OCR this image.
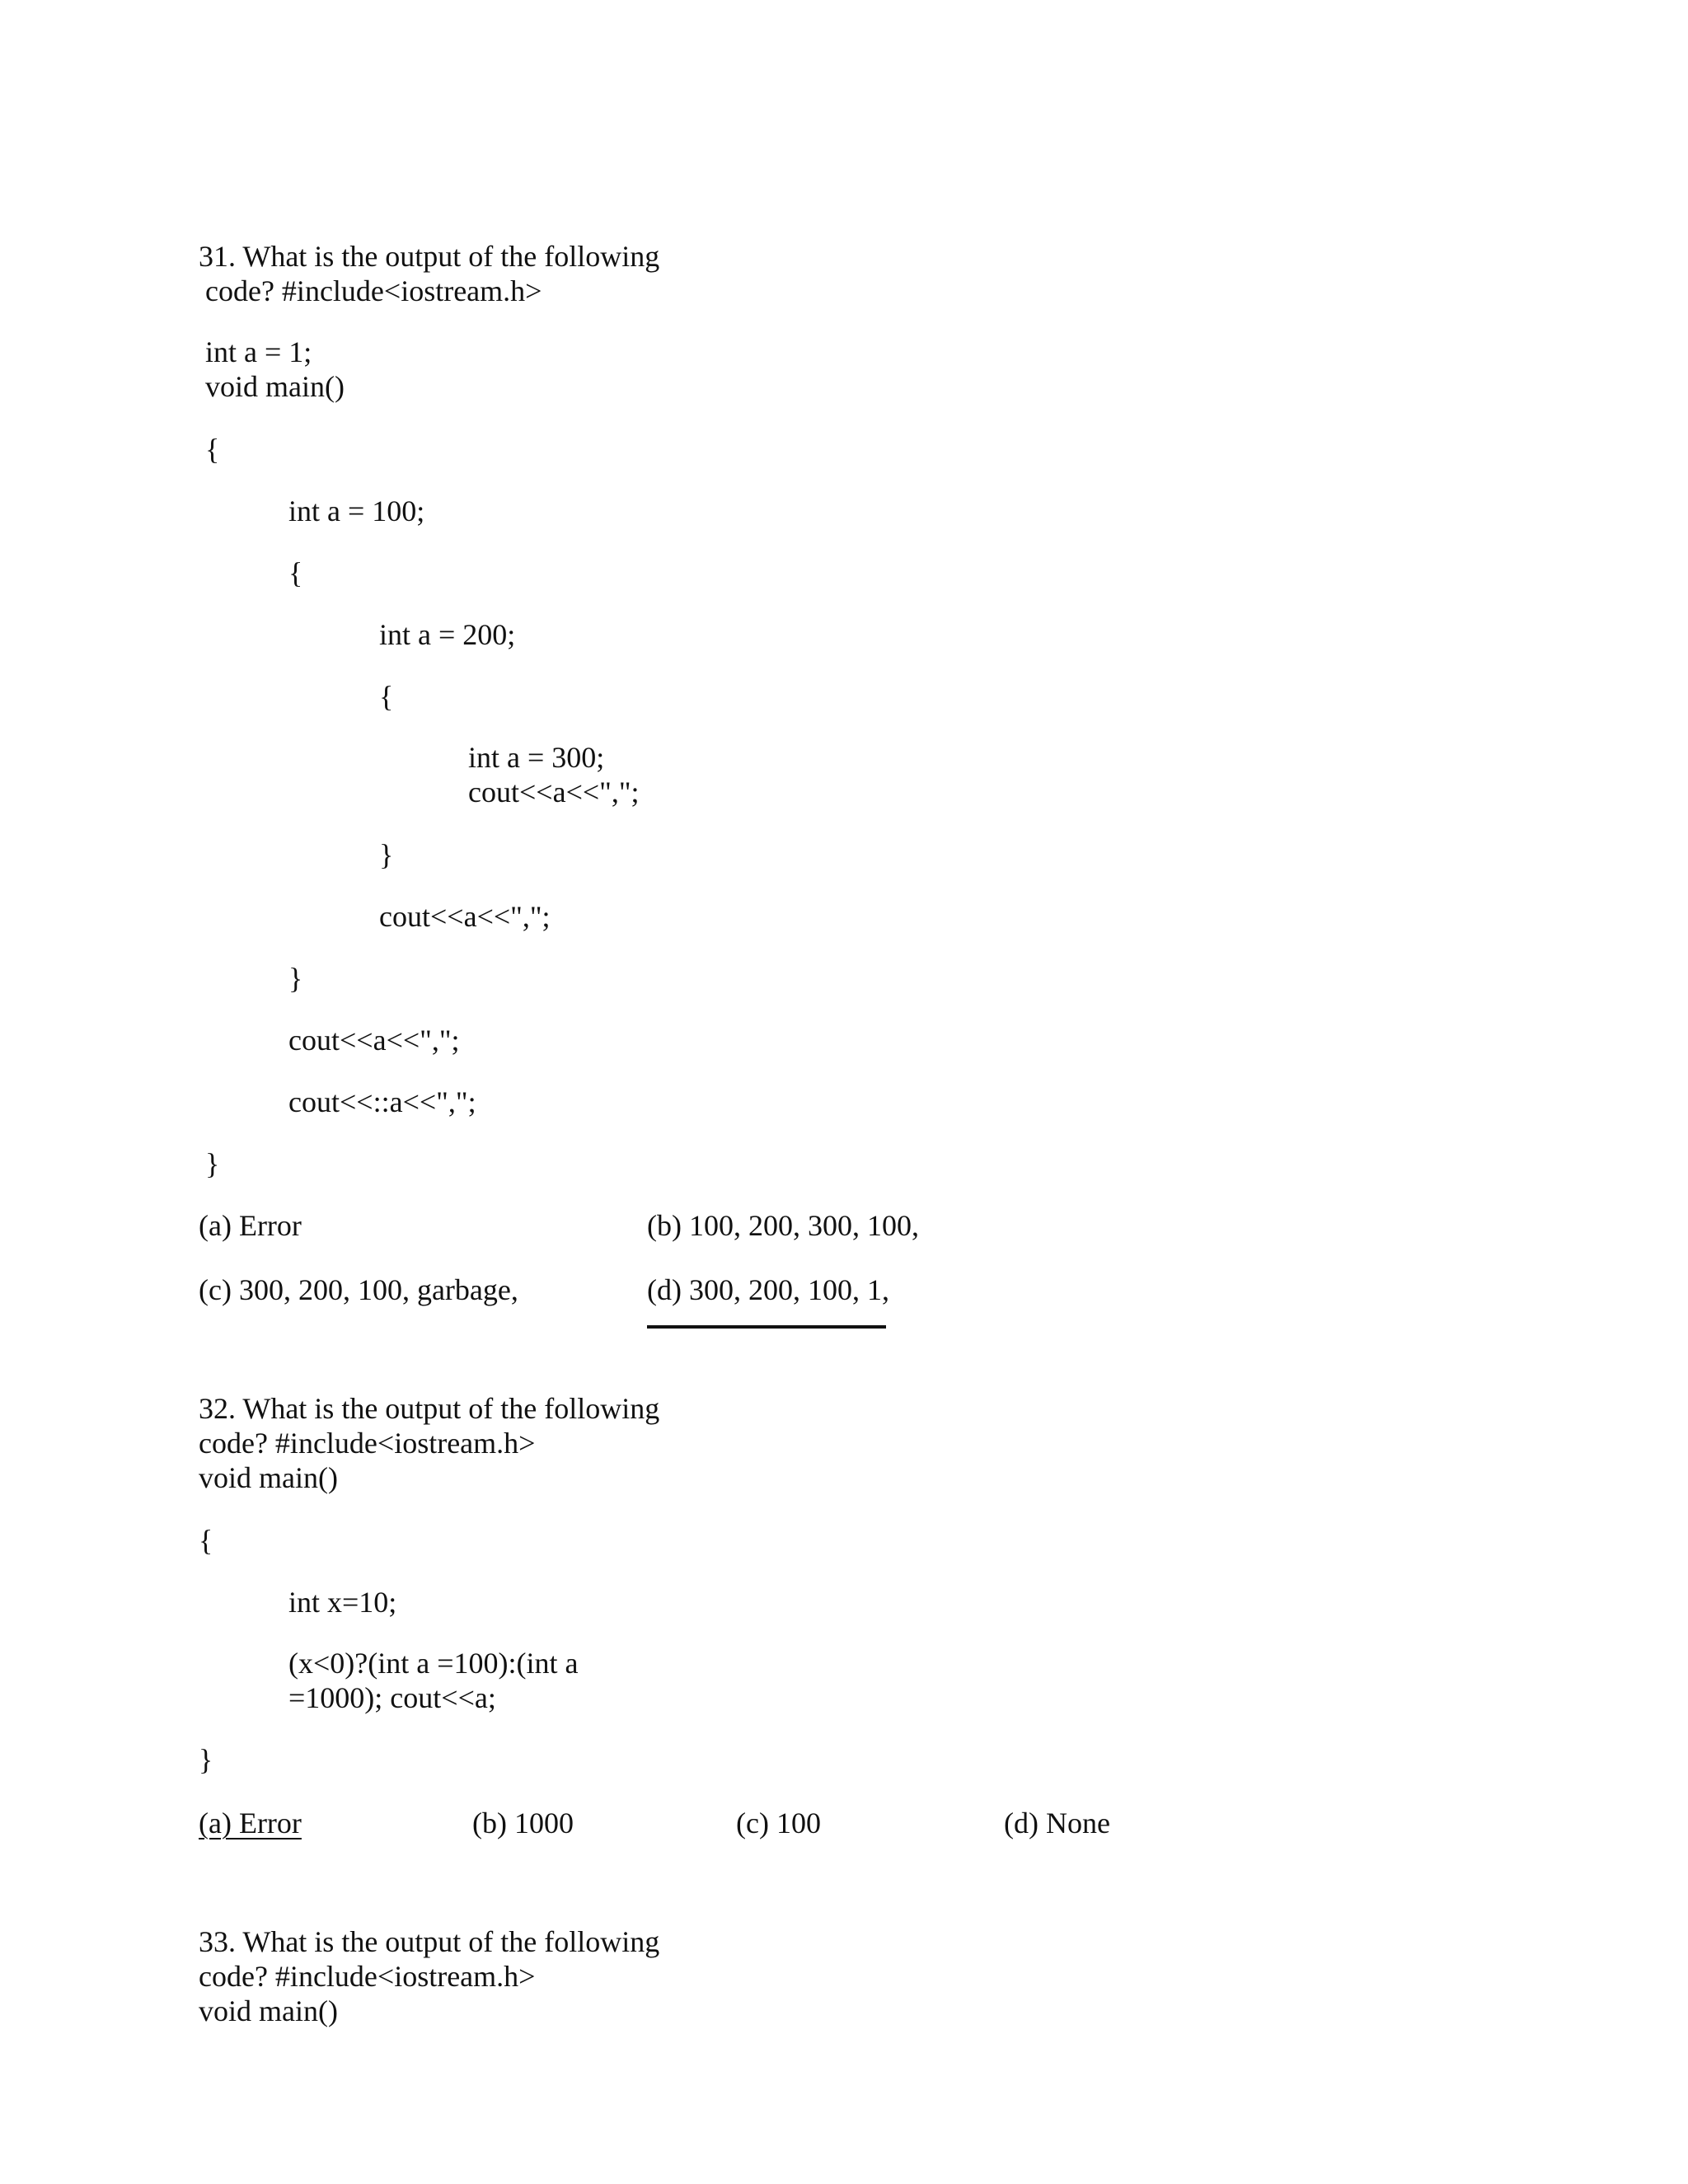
31. What is the output of the following
code? #include<iostream.h>
int a = 1;
void main()
{
int a = 100;
{
int a = 200;
{
int a = 300;
cout<<a<<",";
}
cout<<a<<",";
}
cout<<a<<",";
cout<<::a<<",";
}
(a) Error	(b) 100, 200, 300, 100,
(c) 300, 200, 100, garbage,	(d) 300, 200, 100, 1,
32. What is the output of the following
code? #include<iostream.h>
void main()
{
int x=10;
(x<0)?(int a =100):(int a
=1000); cout<<a;
}
(a) Error	(b) 1000	(c) 100	(d) None
33. What is the output of the following
code? #include<iostream.h>
void main()
